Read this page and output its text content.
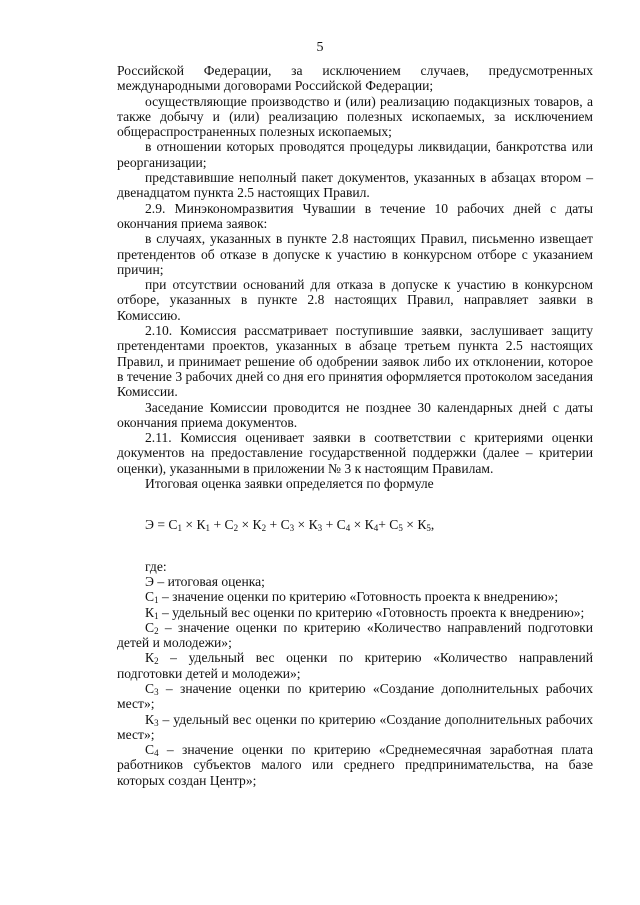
5

Российской Федерации, за исключением случаев, предусмотренных международными договорами Российской Федерации;

осуществляющие производство и (или) реализацию подакцизных товаров, а также добычу и (или) реализацию полезных ископаемых, за исключением общераспространенных полезных ископаемых;

в отношении которых проводятся процедуры ликвидации, банкротства или реорганизации;

представившие неполный пакет документов, указанных в абзацах втором – двенадцатом пункта 2.5 настоящих Правил.

2.9. Минэкономразвития Чувашии в течение 10 рабочих дней с даты окончания приема заявок:

в случаях, указанных в пункте 2.8 настоящих Правил, письменно извещает претендентов об отказе в допуске к участию в конкурсном отборе с указанием причин;

при отсутствии оснований для отказа в допуске к участию в конкурсном отборе, указанных в пункте 2.8 настоящих Правил, направляет заявки в Комиссию.

2.10. Комиссия рассматривает поступившие заявки, заслушивает защиту претендентами проектов, указанных в абзаце третьем пункта 2.5 настоящих Правил, и принимает решение об одобрении заявок либо их отклонении, которое в течение 3 рабочих дней со дня его принятия оформляется протоколом заседания Комиссии.

Заседание Комиссии проводится не позднее 30 календарных дней с даты окончания приема документов.

2.11. Комиссия оценивает заявки в соответствии с критериями оценки документов на предоставление государственной поддержки (далее – критерии оценки), указанными в приложении № 3 к настоящим Правилам.

Итоговая оценка заявки определяется по формуле

$Э = С_1 \times К_1 + С_2 \times К_2 + С_3 \times К_3 + С_4 \times К_4+ С_5 \times К_5$,

где:

Э – итоговая оценка;

$С_1$ – значение оценки по критерию «Готовность проекта к внедрению»;

$К_1$ – удельный вес оценки по критерию «Готовность проекта к внедрению»;

$С_2$ – значение оценки по критерию «Количество направлений подготовки детей и молодежи»;

$К_2$ – удельный вес оценки по критерию «Количество направлений подготовки детей и молодежи»;

$С_3$ – значение оценки по критерию «Создание дополнительных рабочих мест»;

$К_3$ – удельный вес оценки по критерию «Создание дополнительных рабочих мест»;

$С_4$ – значение оценки по критерию «Среднемесячная заработная плата работников субъектов малого или среднего предпринимательства, на базе которых создан Центр»;
